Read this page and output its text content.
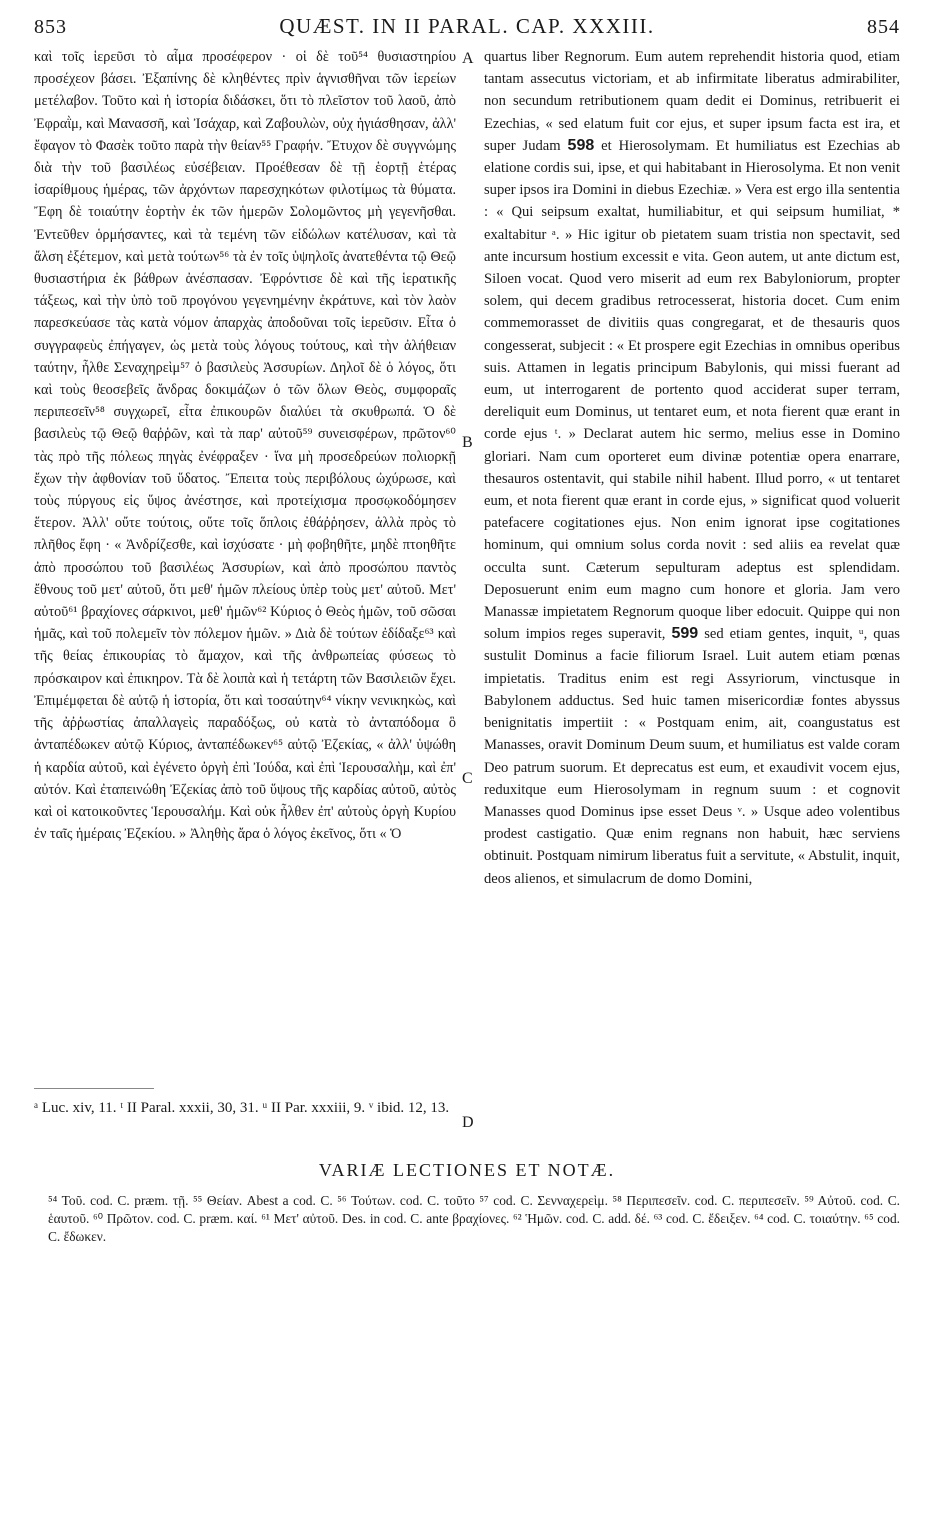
853	QUÆST. IN II PARAL. CAP. XXXIII.	854

καὶ τοῖς ἱερεῦσι τὸ αἷμα προσέφερον · οἱ δὲ τοῦ⁵⁴ θυσιαστηρίου προσέχεον βάσει. Ἐξαπίνης δὲ κληθέντες πρὶν ἁγνισθῆναι τῶν ἱερείων μετέλαβον. Τοῦτο καὶ ἡ ἱστορία διδάσκει, ὅτι τὸ πλεῖστον τοῦ λαοῦ, ἀπὸ Ἐφραῒμ, καὶ Μανασσῆ, καὶ Ἰσάχαρ, καὶ Ζαβουλὼν, οὐχ ἡγιάσθησαν, ἀλλ' ἔφαγον τὸ Φασὲκ τοῦτο παρὰ τὴν θείαν⁵⁵ Γραφήν. Ἔτυχον δὲ συγγνώμης διὰ τὴν τοῦ βασιλέως εὐσέβειαν. Προέθεσαν δὲ τῇ ἑορτῇ ἑτέρας ἰσαρίθμους ἡμέρας, τῶν ἀρχόντων παρεσχηκότων φιλοτίμως τὰ θύματα. Ἔφη δὲ τοιαύτην ἑορτὴν ἐκ τῶν ἡμερῶν Σολομῶντος μὴ γεγενῆσθαι. Ἐντεῦθεν ὁρμήσαντες, καὶ τὰ τεμένη τῶν εἰδώλων κατέλυσαν, καὶ τὰ ἄλση ἐξέτεμον, καὶ μετὰ τούτων⁵⁶ τὰ ἐν τοῖς ὑψηλοῖς ἀνατεθέντα τῷ Θεῷ θυσιαστήρια ἐκ βάθρων ἀνέσπασαν. Ἐφρόντισε δὲ καὶ τῆς ἱερατικῆς τάξεως, καὶ τὴν ὑπὸ τοῦ προγόνου γεγενημένην ἐκράτυνε, καὶ τὸν λαὸν παρεσκεύασε τὰς κατὰ νόμον ἀπαρχὰς ἀποδοῦναι τοῖς ἱερεῦσιν. Εἶτα ὁ συγγραφεὺς ἐπήγαγεν, ὡς μετὰ τοὺς λόγους τούτους, καὶ τὴν ἀλήθειαν ταύτην, ἦλθε Σεναχηρεὶμ⁵⁷ ὁ βασιλεὺς Ἀσσυρίων. Δηλοῖ δὲ ὁ λόγος, ὅτι καὶ τοὺς θεοσεβεῖς ἄνδρας δοκιμάζων ὁ τῶν ὅλων Θεὸς, συμφοραῖς περιπεσεῖν⁵⁸ συγχωρεῖ, εἶτα ἐπικουρῶν διαλύει τὰ σκυθρωπά. Ὁ δὲ βασιλεὺς τῷ Θεῷ θαῤῥῶν, καὶ τὰ παρ' αὐτοῦ⁵⁹ συνεισφέρων, πρῶτον⁶⁰ τὰς πρὸ τῆς πόλεως πηγὰς ἐνέφραξεν · ἵνα μὴ προσεδρεύων πολιορκῇ ἔχων τὴν ἀφθονίαν τοῦ ὕδατος. Ἔπειτα τοὺς περιβόλους ὠχύρωσε, καὶ τοὺς πύργους εἰς ὕψος ἀνέστησε, καὶ προτείχισμα προσῳκοδόμησεν ἕτερον. Ἀλλ' οὔτε τούτοις, οὔτε τοῖς ὅπλοις ἐθάῤῥησεν, ἀλλὰ πρὸς τὸ πλῆθος ἔφη · « Ἀνδρίζεσθε, καὶ ἰσχύσατε · μὴ φοβηθῆτε, μηδὲ πτοηθῆτε ἀπὸ προσώπου τοῦ βασιλέως Ἀσσυρίων, καὶ ἀπὸ προσώπου παντὸς ἔθνους τοῦ μετ' αὐτοῦ, ὅτι μεθ' ἡμῶν πλείους ὑπὲρ τοὺς μετ' αὐτοῦ. Μετ' αὐτοῦ⁶¹ βραχίονες σάρκινοι, μεθ' ἡμῶν⁶² Κύριος ὁ Θεὸς ἡμῶν, τοῦ σῶσαι ἡμᾶς, καὶ τοῦ πολεμεῖν τὸν πόλεμον ἡμῶν. » Διὰ δὲ τούτων ἐδίδαξε⁶³ καὶ τῆς θείας ἐπικουρίας τὸ ἄμαχον, καὶ τῆς ἀνθρωπείας φύσεως τὸ πρόσκαιρον καὶ ἐπικηρον. Τὰ δὲ λοιπὰ καὶ ἡ τετάρτη τῶν Βασιλειῶν ἔχει. Ἐπιμέμφεται δὲ αὐτῷ ἡ ἱστορία, ὅτι καὶ τοσαύτην⁶⁴ νίκην νενικηκὼς, καὶ τῆς ἀῤῥωστίας ἀπαλλαγεὶς παραδόξως, οὐ κατὰ τὸ ἀνταπόδομα ὃ ἀνταπέδωκεν αὐτῷ Κύριος, ἀνταπέδωκεν⁶⁵ αὐτῷ Ἐζεκίας, « ἀλλ' ὑψώθη ἡ καρδία αὐτοῦ, καὶ ἐγένετο ὀργὴ ἐπὶ Ἰούδα, καὶ ἐπὶ Ἱερουσαλὴμ, καὶ ἐπ' αὐτόν. Καὶ ἐταπεινώθη Ἐζεκίας ἀπὸ τοῦ ὕψους τῆς καρδίας αὐτοῦ, αὐτὸς καὶ οἱ κατοικοῦντες Ἱερουσαλήμ. Καὶ οὐκ ἦλθεν ἐπ' αὐτοὺς ὀργὴ Κυρίου ἐν ταῖς ἡμέραις Ἐζεκίου. » Ἀληθὴς ἄρα ὁ λόγος ἐκεῖνος, ὅτι « Ὁ

A
B
C
D

quartus liber Regnorum. Eum autem reprehendit historia quod, etiam tantam assecutus victoriam, et ab infirmitate liberatus admirabiliter, non secundum retributionem quam dedit ei Dominus, retribuerit ei Ezechias, « sed elatum fuit cor ejus, et super ipsum facta est ira, et super Judam 598 et Hierosolymam. Et humiliatus est Ezechias ab elatione cordis sui, ipse, et qui habitabant in Hierosolyma. Et non venit super ipsos ira Domini in diebus Ezechiæ. » Vera est ergo illa sententia : « Qui seipsum exaltat, humiliabitur, et qui seipsum humiliat, * exaltabitur ᵃ. » Hic igitur ob pietatem suam tristia non spectavit, sed ante incursum hostium excessit e vita. Geon autem, ut ante dictum est, Siloen vocat. Quod vero miserit ad eum rex Babyloniorum, propter solem, qui decem gradibus retrocesserat, historia docet. Cum enim commemorasset de divitiis quas congregarat, et de thesauris quos congesserat, subjecit : « Et prospere egit Ezechias in omnibus operibus suis. Attamen in legatis principum Babylonis, qui missi fuerant ad eum, ut interrogarent de portento quod acciderat super terram, dereliquit eum Dominus, ut tentaret eum, et nota fierent quæ erant in corde ejus ᵗ. » Declarat autem hic sermo, melius esse in Domino gloriari. Nam cum oporteret eum divinæ potentiæ opera enarrare, thesauros ostentavit, qui stabile nihil habent. Illud porro, « ut tentaret eum, et nota fierent quæ erant in corde ejus, » significat quod voluerit patefacere cogitationes ejus. Non enim ignorat ipse cogitationes hominum, qui omnium solus corda novit : sed aliis ea revelat quæ occulta sunt. Cæterum sepulturam adeptus est splendidam. Deposuerunt enim eum magno cum honore et gloria. Jam vero Manassæ impietatem Regnorum quoque liber edocuit. Quippe qui non solum impios reges superavit, 599 sed etiam gentes, inquit, ᵘ, quas sustulit Dominus a facie filiorum Israel. Luit autem etiam pœnas impietatis. Traditus enim est regi Assyriorum, vinctusque in Babylonem adductus. Sed huic tamen misericordiæ fontes abyssus benignitatis impertiit : « Postquam enim, ait, coangustatus est Manasses, oravit Dominum Deum suum, et humiliatus est valde coram Deo patrum suorum. Et deprecatus est eum, et exaudivit vocem ejus, reduxitque eum Hierosolymam in regnum suum : et cognovit Manasses quod Dominus ipse esset Deus ᵛ. » Usque adeo volentibus prodest castigatio. Quæ enim regnans non habuit, hæc serviens obtinuit. Postquam nimirum liberatus fuit a servitute, « Abstulit, inquit, deos alienos, et simulacrum de domo Domini,

ᵃ Luc. xiv, 11. ᵗ II Paral. xxxii, 30, 31. ᵘ II Par. xxxiii, 9. ᵛ ibid. 12, 13.
VARIÆ LECTIONES ET NOTÆ.
⁵⁴ Τοῦ. cod. C. præm. τῇ. ⁵⁵ Θείαν. Abest a cod. C. ⁵⁶ Τούτων. cod. C. τοῦτο ⁵⁷ cod. C. Σενναχερεὶμ. ⁵⁸ Περιπεσεῖν. cod. C. περιπεσεῖν. ⁵⁹ Αὐτοῦ. cod. C. ἑαυτοῦ. ⁶⁰ Πρῶτον. cod. C. præm. καί. ⁶¹ Μετ' αὐτοῦ. Des. in cod. C. ante βραχίονες. ⁶² Ἡμῶν. cod. C. add. δέ. ⁶³ cod. C. ἔδειξεν. ⁶⁴ cod. C. τοιαύτην. ⁶⁵ cod. C. ἔδωκεν.
